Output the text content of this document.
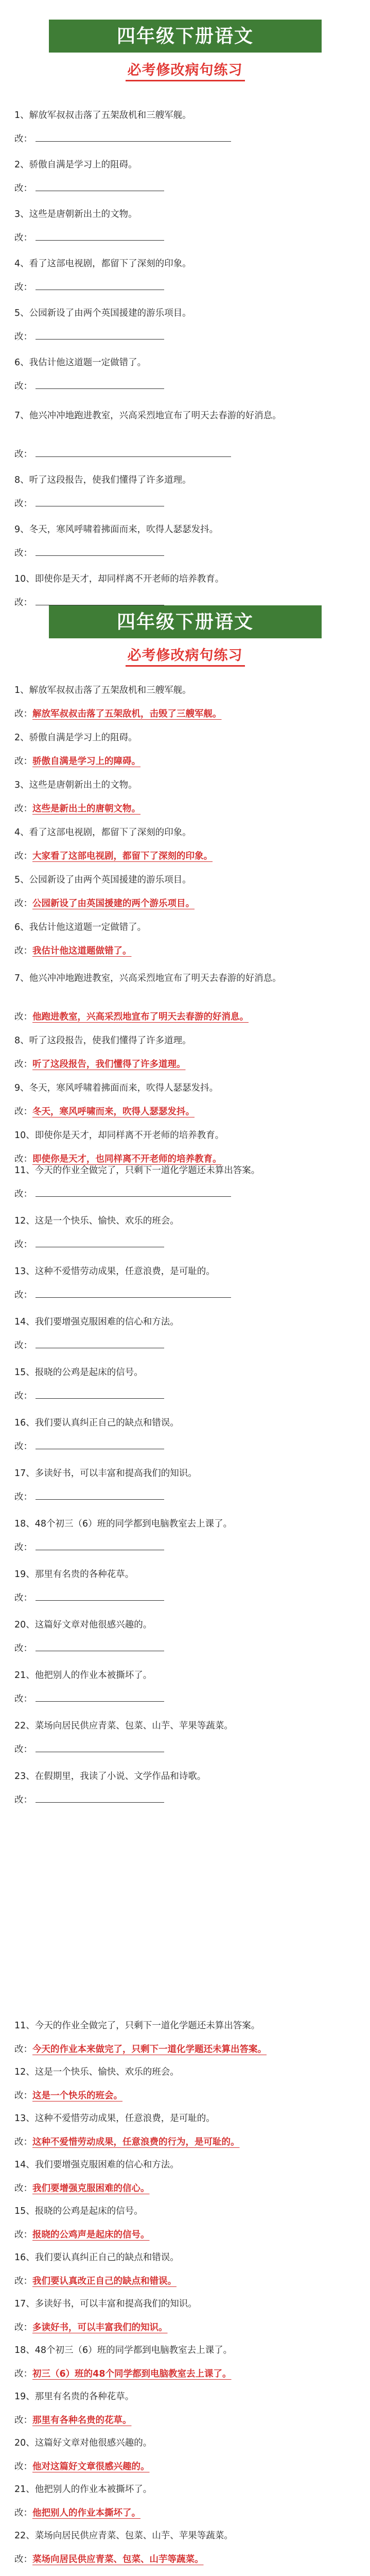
四年级下册语文
必考修改病句练习
1、解放军叔叔击落了五架敌机和三艘军舰。
改：
2、骄傲自满是学习上的阻碍。
改：
3、这些是唐朝新出土的文物。
改：
4、看了这部电视剧，都留下了深刻的印象。
改：
5、公园新设了由两个英国援建的游乐项目。
改：
6、我估计他这道题一定做错了。
改：
7、他兴冲冲地跑进教室，兴高采烈地宣布了明天去春游的好消息。
改：
8、听了这段报告，使我们懂得了许多道理。
改：
9、冬天，寒风呼啸着拂面而来，吹得人瑟瑟发抖。
改：
10、即使你是天才，却同样离不开老师的培养教育。
改：
四年级下册语文
必考修改病句练习
1、解放军叔叔击落了五架敌机和三艘军舰。
改：解放军叔叔击落了五架敌机，击毁了三艘军舰。
2、骄傲自满是学习上的阻碍。
改：骄傲自满是学习上的障碍。
3、这些是唐朝新出土的文物。
改：这些是新出土的唐朝文物。
4、看了这部电视剧，都留下了深刻的印象。
改：大家看了这部电视剧，都留下了深刻的印象。
5、公园新设了由两个英国援建的游乐项目。
改：公园新设了由英国援建的两个游乐项目。
6、我估计他这道题一定做错了。
改：我估计他这道题做错了。
7、他兴冲冲地跑进教室，兴高采烈地宣布了明天去春游的好消息。
改：他跑进教室，兴高采烈地宣布了明天去春游的好消息。
8、听了这段报告，使我们懂得了许多道理。
改：听了这段报告，我们懂得了许多道理。
9、冬天，寒风呼啸着拂面而来，吹得人瑟瑟发抖。
改：冬天，寒风呼啸而来，吹得人瑟瑟发抖。
10、即使你是天才，却同样离不开老师的培养教育。
改：即使你是天才，也同样离不开老师的培养教育。
11、今天的作业全做完了，只剩下一道化学题还未算出答案。
改：
12、这是一个快乐、愉快、欢乐的班会。
改：
13、这种不爱惜劳动成果，任意浪费，是可耻的。
改：
14、我们要增强克服困难的信心和方法。
改：
15、报晓的公鸡是起床的信号。
改：
16、我们要认真纠正自己的缺点和错误。
改：
17、多读好书，可以丰富和提高我们的知识。
改：
18、48个初三（6）班的同学都到电脑教室去上课了。
改：
19、那里有名贵的各种花草。
改：
20、这篇好文章对他很感兴趣的。
改：
21、他把别人的作业本被撕坏了。
改：
22、菜场向居民供应青菜、包菜、山芋、苹果等蔬菜。
改：
23、在假期里，我读了小说、文学作品和诗歌。
改：
11、今天的作业全做完了，只剩下一道化学题还未算出答案。
改：今天的作业本来做完了，只剩下一道化学题还未算出答案。
12、这是一个快乐、愉快、欢乐的班会。
改：这是一个快乐的班会。
13、这种不爱惜劳动成果，任意浪费，是可耻的。
改：这种不爱惜劳动成果，任意浪费的行为，是可耻的。
14、我们要增强克服困难的信心和方法。
改：我们要增强克服困难的信心。
15、报晓的公鸡是起床的信号。
改：报晓的公鸡声是起床的信号。
16、我们要认真纠正自己的缺点和错误。
改：我们要认真改正自己的缺点和错误。
17、多读好书，可以丰富和提高我们的知识。
改：多读好书，可以丰富我们的知识。
18、48个初三（6）班的同学都到电脑教室去上课了。
改：初三（6）班的48个同学都到电脑教室去上课了。
19、那里有名贵的各种花草。
改：那里有各种名贵的花草。
20、这篇好文章对他很感兴趣的。
改：他对这篇好文章很感兴趣的。
21、他把别人的作业本被撕坏了。
改：他把别人的作业本撕坏了。
22、菜场向居民供应青菜、包菜、山芋、苹果等蔬菜。
改：菜场向居民供应青菜、包菜、山芋等蔬菜。
